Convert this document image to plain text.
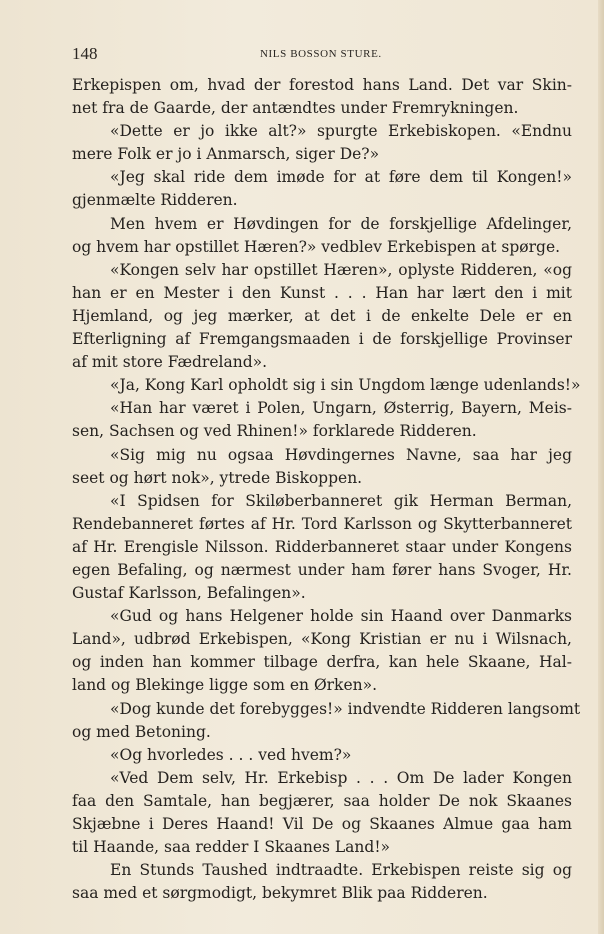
148	NILS BOSSON STURE.
Erkepispen om, hvad der forestod hans Land. Det var Skin-
net fra de Gaarde, der antændtes under Fremrykningen.
«Dette er jo ikke alt?» spurgte Erkebiskopen. «Endnu
mere Folk er jo i Anmarsch, siger De?»
«Jeg skal ride dem imøde for at føre dem til Kongen!»
gjenmælte Ridderen.
Men hvem er Høvdingen for de forskjellige Afdelinger,
og hvem har opstillet Hæren?» vedblev Erkebispen at spørge.
«Kongen selv har opstillet Hæren», oplyste Ridderen, «og
han er en Mester i den Kunst . . . Han har lært den i mit
Hjemland, og jeg mærker, at det i de enkelte Dele er en
Efterligning af Fremgangsmaaden i de forskjellige Provinser
af mit store Fædreland».
«Ja, Kong Karl opholdt sig i sin Ungdom længe udenlands!»
«Han har været i Polen, Ungarn, Østerrig, Bayern, Meis-
sen, Sachsen og ved Rhinen!» forklarede Ridderen.
«Sig mig nu ogsaa Høvdingernes Navne, saa har jeg
seet og hørt nok», ytrede Biskoppen.
«I Spidsen for Skiløberbanneret gik Herman Berman,
Rendebanneret førtes af Hr. Tord Karlsson og Skytterbanneret
af Hr. Erengisle Nilsson. Ridderbanneret staar under Kongens
egen Befaling, og nærmest under ham fører hans Svoger, Hr.
Gustaf Karlsson, Befalingen».
«Gud og hans Helgener holde sin Haand over Danmarks
Land», udbrød Erkebispen, «Kong Kristian er nu i Wilsnach,
og inden han kommer tilbage derfra, kan hele Skaane, Hal-
land og Blekinge ligge som en Ørken».
«Dog kunde det forebygges!» indvendte Ridderen langsomt
og med Betoning.
«Og hvorledes . . . ved hvem?»
«Ved Dem selv, Hr. Erkebisp . . . Om De lader Kongen
faa den Samtale, han begjærer, saa holder De nok Skaanes
Skjæbne i Deres Haand! Vil De og Skaanes Almue gaa ham
til Haande, saa redder I Skaanes Land!»
En Stunds Taushed indtraadte. Erkebispen reiste sig og
saa med et sørgmodigt, bekymret Blik paa Ridderen.
